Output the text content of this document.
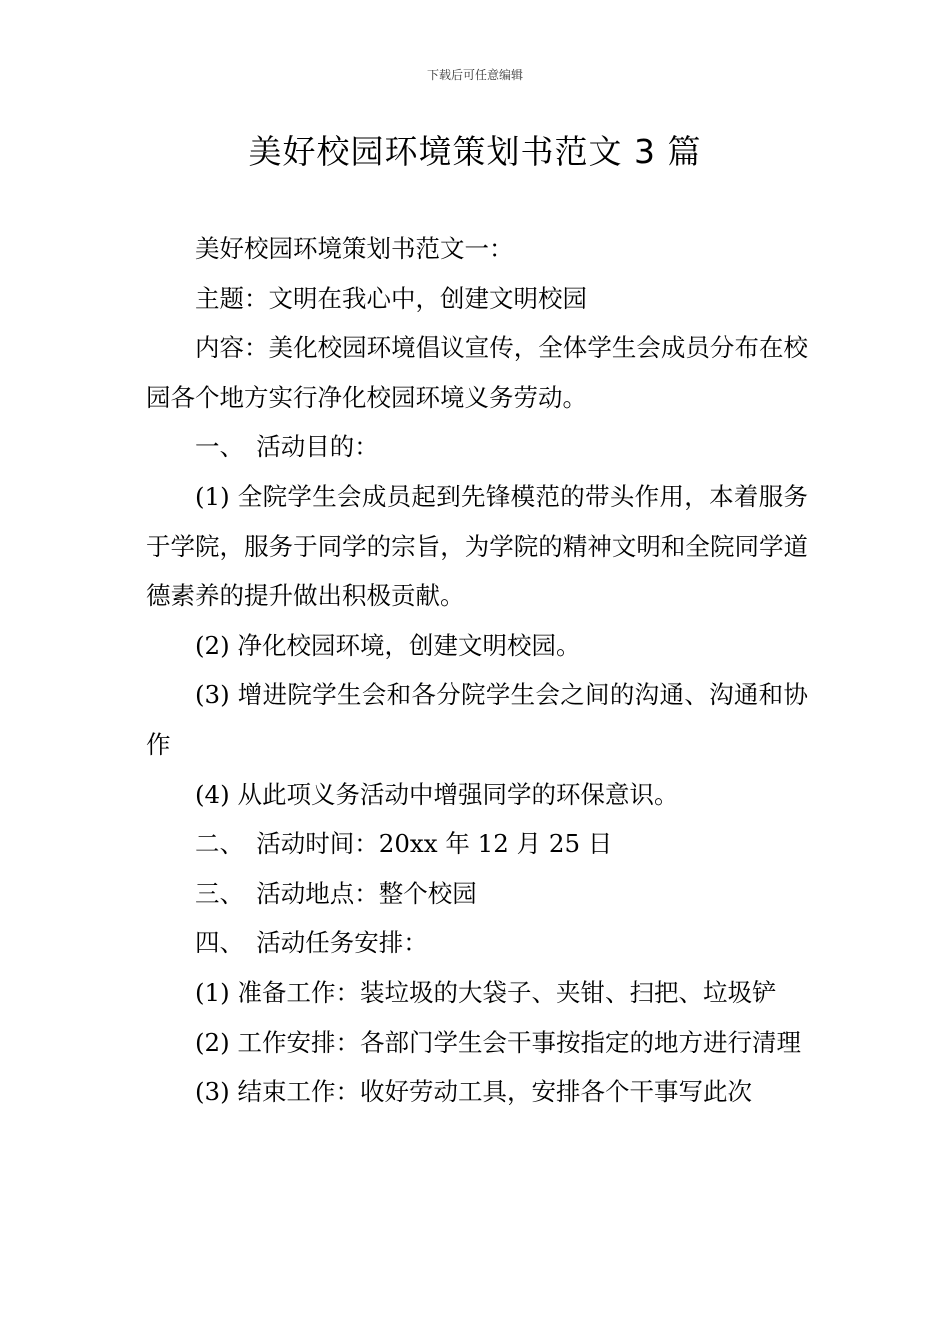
下载后可任意编辑
美好校园环境策划书范文 3 篇

美好校园环境策划书范文一：

主题：文明在我心中，创建文明校园

内容：美化校园环境倡议宣传，全体学生会成员分布在校园各个地方实行净化校园环境义务劳动。

一、　活动目的：

(1) 全院学生会成员起到先锋模范的带头作用，本着服务于学院，服务于同学的宗旨，为学院的精神文明和全院同学道德素养的提升做出积极贡献。

(2) 净化校园环境，创建文明校园。

(3) 增进院学生会和各分院学生会之间的沟通、沟通和协作

(4) 从此项义务活动中增强同学的环保意识。

二、　活动时间：20xx 年 12 月 25 日

三、　活动地点：整个校园

四、　活动任务安排：

(1) 准备工作：装垃圾的大袋子、夹钳、扫把、垃圾铲

(2) 工作安排：各部门学生会干事按指定的地方进行清理

(3) 结束工作：收好劳动工具，安排各个干事写此次
